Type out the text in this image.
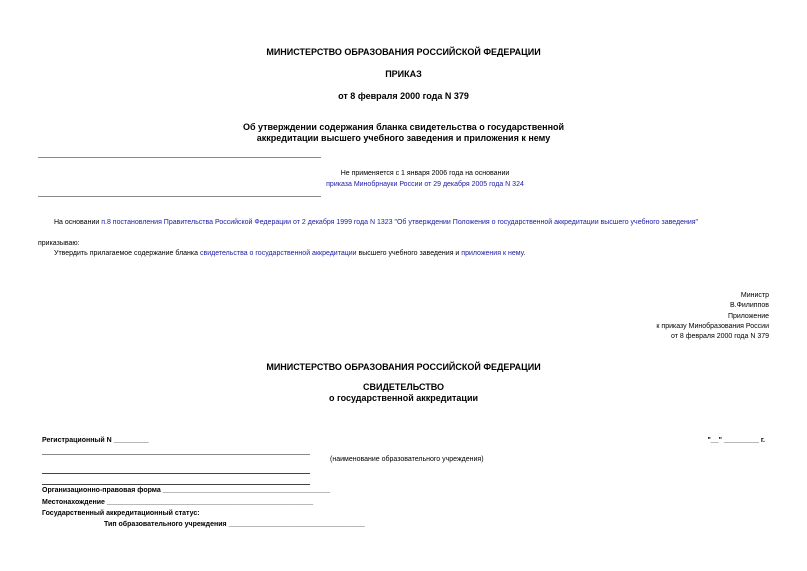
МИНИСТЕРСТВО ОБРАЗОВАНИЯ РОССИЙСКОЙ ФЕДЕРАЦИИ
ПРИКАЗ
от 8 февраля 2000 года N 379
Об утверждении содержания бланка свидетельства о государственной
аккредитации высшего учебного заведения и приложения к нему
Не применяется с 1 января 2006 года на основании
приказа Минобрнауки России от 29 декабря 2005 года N 324
На основании п.8 постановления Правительства Российской Федерации от 2 декабря 1999 года N 1323 "Об утверждении Положения о государственной аккредитации высшего учебного заведения"
приказываю:
Утвердить прилагаемое содержание бланка свидетельства о государственной аккредитации высшего учебного заведения и приложения к нему.
Министр
В.Филиппов
Приложение
к приказу Минобразования России
от 8 февраля 2000 года N 379
МИНИСТЕРСТВО ОБРАЗОВАНИЯ РОССИЙСКОЙ ФЕДЕРАЦИИ
СВИДЕТЕЛЬСТВО
о государственной аккредитации
Регистрационный N _________	"__" _________ г.
(наименование образовательного учреждения)
Организационно-правовая форма ___________________________________________
Местонахождение _____________________________________________________
Государственный аккредитационный статус:
Тип образовательного учреждения ___________________________________
